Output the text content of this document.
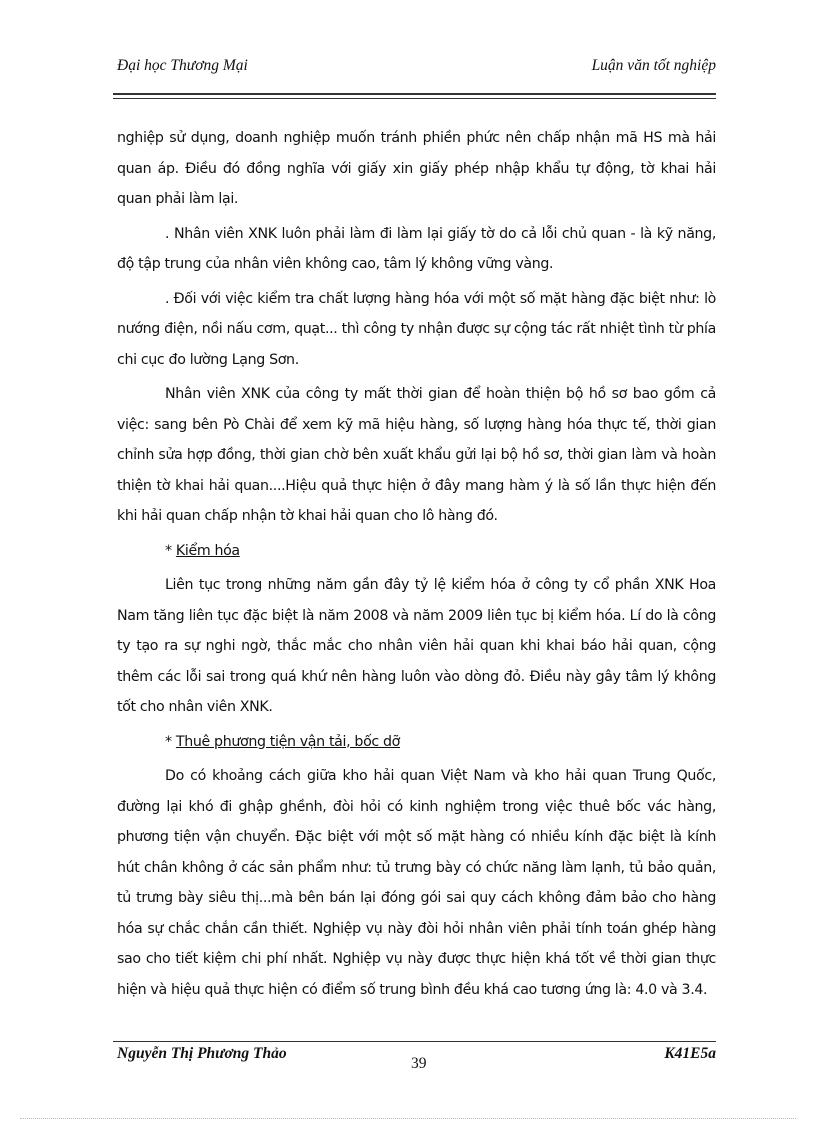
Đại học Thương Mại	Luận văn tốt nghiệp

nghiệp sử dụng, doanh nghiệp muốn tránh phiền phức nên chấp nhận mã HS mà hải quan áp. Điều đó đồng nghĩa với giấy xin giấy phép nhập khẩu tự động, tờ khai hải quan phải làm lại.

. Nhân viên XNK luôn phải làm đi làm lại giấy tờ do cả lỗi chủ quan - là kỹ năng, độ tập trung của nhân viên không cao, tâm lý không vững vàng.

. Đối với việc kiểm tra chất lượng hàng hóa với một số mặt hàng đặc biệt như: lò nướng điện, nồi nấu cơm, quạt... thì công ty nhận được sự cộng tác rất nhiệt tình từ phía chi cục đo lường Lạng Sơn.

Nhân viên XNK của công ty mất thời gian để hoàn thiện bộ hồ sơ bao gồm cả việc: sang bên Pò Chài để xem kỹ mã hiệu hàng, số lượng hàng hóa thực tế, thời gian chỉnh sửa hợp đồng, thời gian chờ bên xuất khẩu gửi lại bộ hồ sơ, thời gian làm và hoàn thiện tờ khai hải quan....Hiệu quả thực hiện ở đây mang hàm ý là số lần thực hiện đến khi hải quan chấp nhận tờ khai hải quan cho lô hàng đó.

* Kiểm hóa

Liên tục trong những năm gần đây tỷ lệ kiểm hóa ở công ty cổ phần XNK Hoa Nam tăng liên tục đặc biệt là năm 2008 và năm 2009 liên tục bị kiểm hóa. Lí do là công ty tạo ra sự nghi ngờ, thắc mắc cho nhân viên hải quan khi khai báo hải quan, cộng thêm các lỗi sai trong quá khứ nên hàng luôn vào dòng đỏ. Điều này gây tâm lý không tốt cho nhân viên XNK.

* Thuê phương tiện vận tải, bốc dỡ

Do có khoảng cách giữa kho hải quan Việt Nam và kho hải quan Trung Quốc, đường lại khó đi ghập ghềnh, đòi hỏi có kinh nghiệm trong việc thuê bốc vác hàng, phương tiện vận chuyển. Đặc biệt với một số mặt hàng có nhiều kính đặc biệt là kính hút chân không ở các sản phẩm như: tủ trưng bày có chức năng làm lạnh, tủ bảo quản, tủ trưng bày siêu thị...mà bên bán lại đóng gói sai quy cách không đảm bảo cho hàng hóa sự chắc chắn cần thiết. Nghiệp vụ này đòi hỏi nhân viên phải tính toán ghép hàng sao cho tiết kiệm chi phí nhất. Nghiệp vụ này được thực hiện khá tốt về thời gian thực hiện và hiệu quả thực hiện có điểm số trung bình đều khá cao tương ứng là: 4.0 và 3.4.

Nguyễn Thị Phương Thảo
39
K41E5a
